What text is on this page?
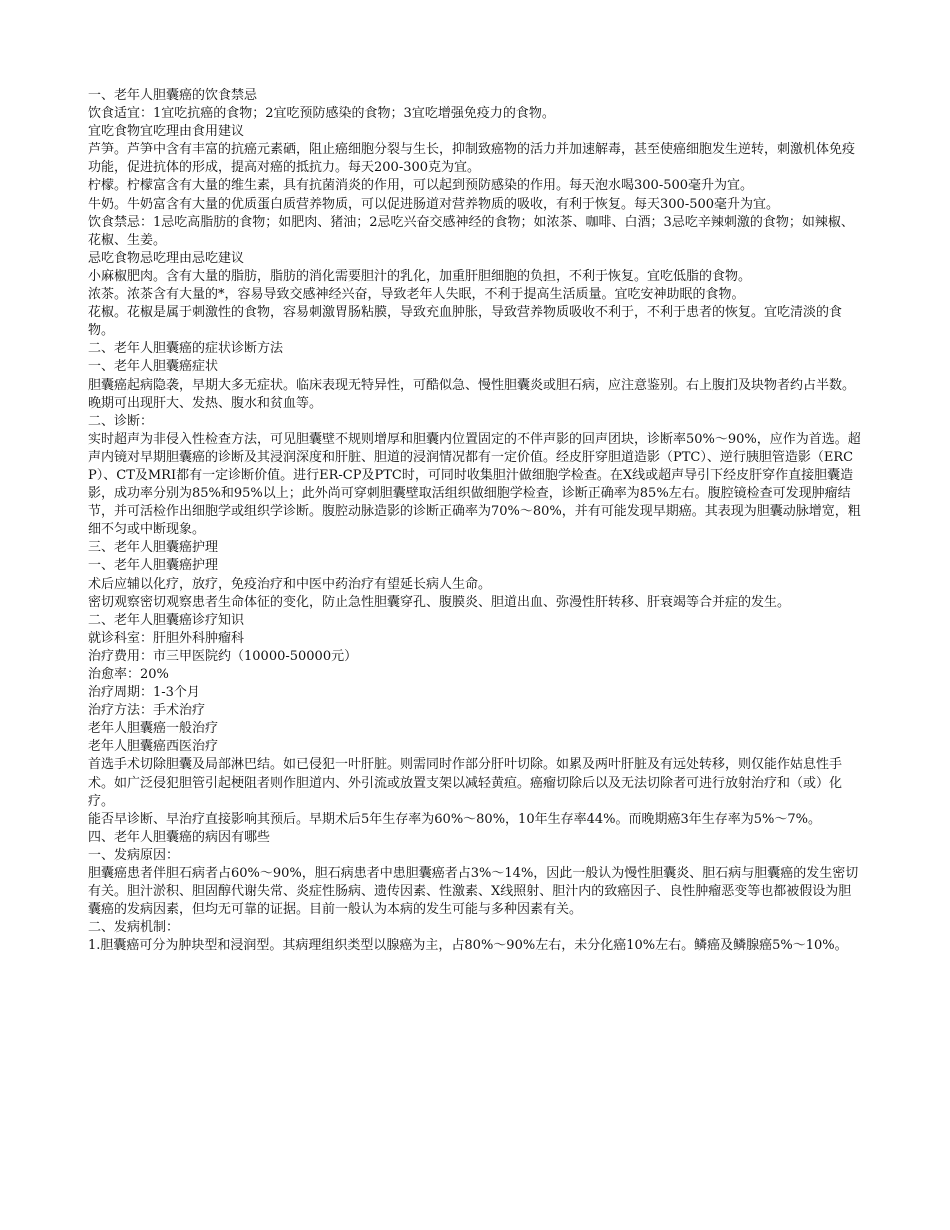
一、老年人胆囊癌的饮食禁忌

饮食适宜：1宜吃抗癌的食物；2宜吃预防感染的食物；3宜吃增强免疫力的食物。

宜吃食物宜吃理由食用建议

芦笋。芦笋中含有丰富的抗癌元素硒，阻止癌细胞分裂与生长，抑制致癌物的活力并加速解毒，甚至使癌细胞发生逆转，刺激机体免疫功能，促进抗体的形成，提高对癌的抵抗力。每天200-300克为宜。

柠檬。柠檬富含有大量的维生素，具有抗菌消炎的作用，可以起到预防感染的作用。每天泡水喝300-500毫升为宜。

牛奶。牛奶富含有大量的优质蛋白质营养物质，可以促进肠道对营养物质的吸收，有利于恢复。每天300-500毫升为宜。

饮食禁忌：1忌吃高脂肪的食物；如肥肉、猪油；2忌吃兴奋交感神经的食物；如浓茶、咖啡、白酒；3忌吃辛辣刺激的食物；如辣椒、花椒、生姜。

忌吃食物忌吃理由忌吃建议

小麻椒肥肉。含有大量的脂肪，脂肪的消化需要胆汁的乳化，加重肝胆细胞的负担，不利于恢复。宜吃低脂的食物。

浓茶。浓茶含有大量的*，容易导致交感神经兴奋，导致老年人失眠，不利于提高生活质量。宜吃安神助眠的食物。

花椒。花椒是属于刺激性的食物，容易刺激胃肠粘膜，导致充血肿胀，导致营养物质吸收不利于，不利于患者的恢复。宜吃清淡的食物。

二、老年人胆囊癌的症状诊断方法

一、老年人胆囊癌症状

胆囊癌起病隐袭，早期大多无症状。临床表现无特异性，可酷似急、慢性胆囊炎或胆石病，应注意鉴别。右上腹扪及块物者约占半数。晚期可出现肝大、发热、腹水和贫血等。

二、诊断：

实时超声为非侵入性检查方法，可见胆囊壁不规则增厚和胆囊内位置固定的不伴声影的回声团块，诊断率50%～90%，应作为首选。超声内镜对早期胆囊癌的诊断及其浸润深度和肝脏、胆道的浸润情况都有一定价值。经皮肝穿胆道造影（PTC）、逆行胰胆管造影（ERCP）、CT及MRI都有一定诊断价值。进行ER-CP及PTC时，可同时收集胆汁做细胞学检查。在X线或超声导引下经皮肝穿作直接胆囊造影，成功率分别为85%和95%以上；此外尚可穿刺胆囊壁取活组织做细胞学检查，诊断正确率为85%左右。腹腔镜检查可发现肿瘤结节，并可活检作出细胞学或组织学诊断。腹腔动脉造影的诊断正确率为70%～80%，并有可能发现早期癌。其表现为胆囊动脉增宽，粗细不匀或中断现象。

三、老年人胆囊癌护理

一、老年人胆囊癌护理

术后应辅以化疗，放疗，免疫治疗和中医中药治疗有望延长病人生命。

密切观察密切观察患者生命体征的变化，防止急性胆囊穿孔、腹膜炎、胆道出血、弥漫性肝转移、肝衰竭等合并症的发生。

二、老年人胆囊癌诊疗知识

就诊科室：肝胆外科肿瘤科

治疗费用：市三甲医院约（10000-50000元）

治愈率：20%

治疗周期：1-3个月

治疗方法：手术治疗

老年人胆囊癌一般治疗

老年人胆囊癌西医治疗

首选手术切除胆囊及局部淋巴结。如已侵犯一叶肝脏。则需同时作部分肝叶切除。如累及两叶肝脏及有远处转移，则仅能作姑息性手术。如广泛侵犯胆管引起梗阻者则作胆道内、外引流或放置支架以减轻黄疸。癌瘤切除后以及无法切除者可进行放射治疗和（或）化疗。

能否早诊断、早治疗直接影响其预后。早期术后5年生存率为60%～80%，10年生存率44%。而晚期癌3年生存率为5%～7%。

四、老年人胆囊癌的病因有哪些

一、发病原因：

胆囊癌患者伴胆石病者占60%～90%，胆石病患者中患胆囊癌者占3%～14%，因此一般认为慢性胆囊炎、胆石病与胆囊癌的发生密切有关。胆汁淤积、胆固醇代谢失常、炎症性肠病、遗传因素、性激素、X线照射、胆汁内的致癌因子、良性肿瘤恶变等也都被假设为胆囊癌的发病因素，但均无可靠的证据。目前一般认为本病的发生可能与多种因素有关。

二、发病机制：

1.胆囊癌可分为肿块型和浸润型。其病理组织类型以腺癌为主，占80%～90%左右，未分化癌10%左右。鳞癌及鳞腺癌5%～10%。
